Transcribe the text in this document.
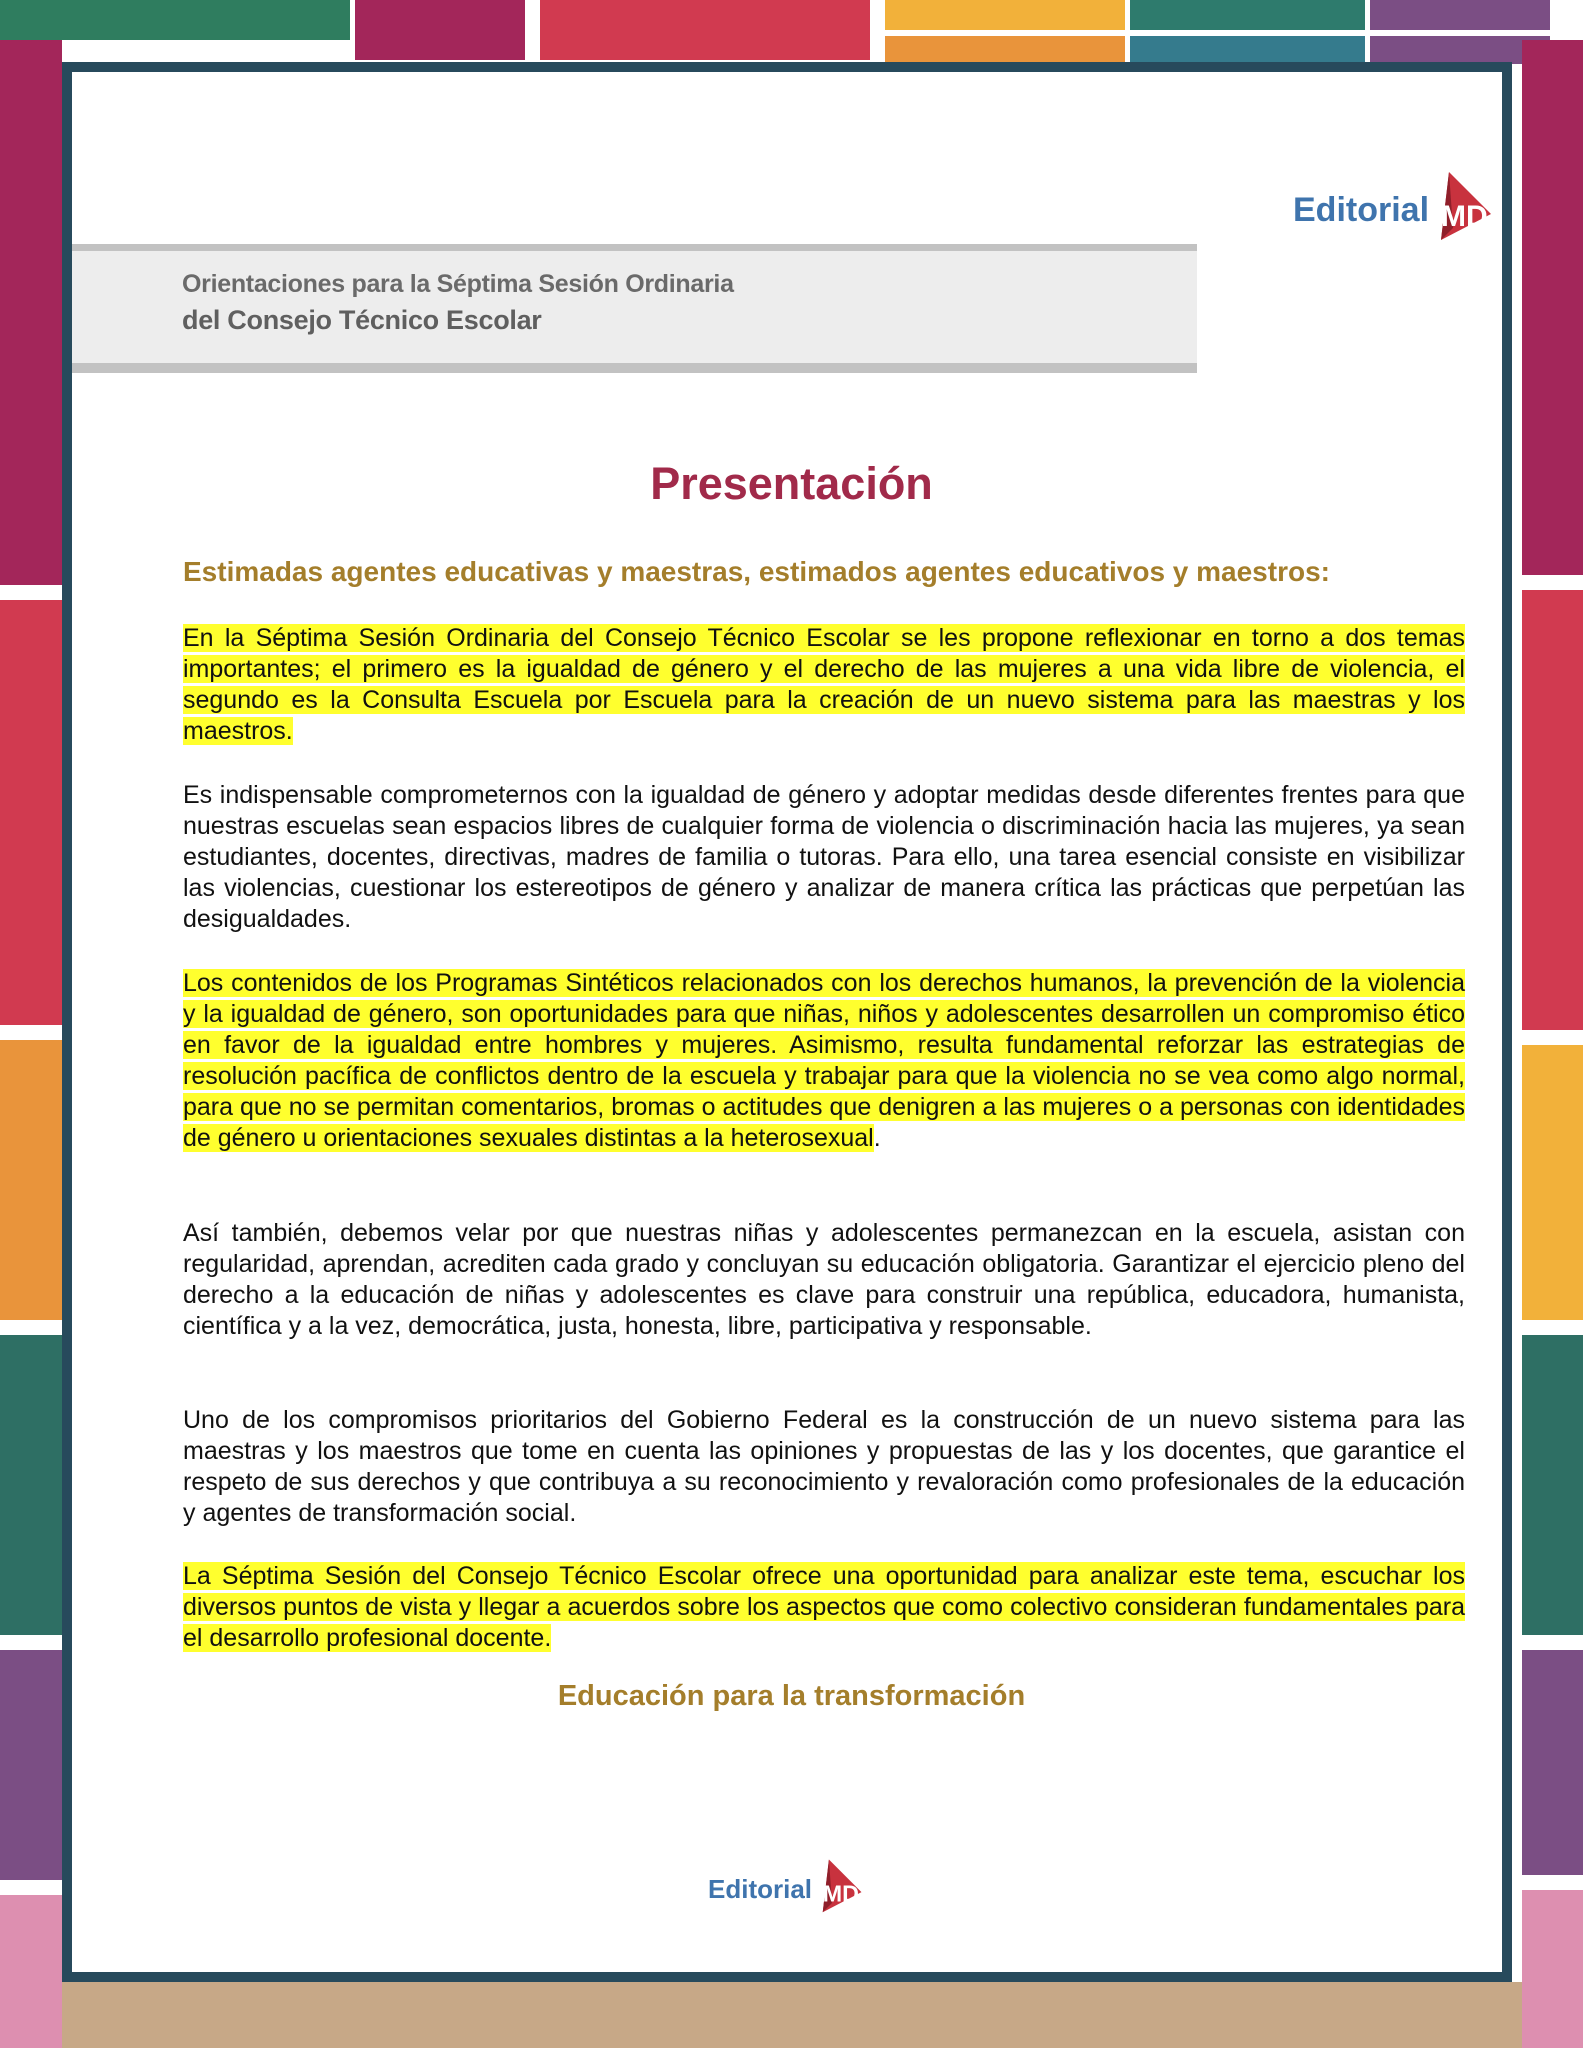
Editorial MD
Orientaciones para la Séptima Sesión Ordinaria
del Consejo Técnico Escolar
Presentación

Estimadas agentes educativas y maestras, estimados agentes educativos y maestros:

En la Séptima Sesión Ordinaria del Consejo Técnico Escolar se les propone reflexionar en torno a dos temas importantes; el primero es la igualdad de género y el derecho de las mujeres a una vida libre de violencia, el segundo es la Consulta Escuela por Escuela para la creación de un nuevo sistema para las maestras y los maestros.

Es indispensable comprometernos con la igualdad de género y adoptar medidas desde diferentes frentes para que nuestras escuelas sean espacios libres de cualquier forma de violencia o discriminación hacia las mujeres, ya sean estudiantes, docentes, directivas, madres de familia o tutoras. Para ello, una tarea esencial consiste en visibilizar las violencias, cuestionar los estereotipos de género y analizar de manera crítica las prácticas que perpetúan las desigualdades.

Los contenidos de los Programas Sintéticos relacionados con los derechos humanos, la prevención de la violencia y la igualdad de género, son oportunidades para que niñas, niños y adolescentes desarrollen un compromiso ético en favor de la igualdad entre hombres y mujeres. Asimismo, resulta fundamental reforzar las estrategias de resolución pacífica de conflictos dentro de la escuela y trabajar para que la violencia no se vea como algo normal, para que no se permitan comentarios, bromas o actitudes que denigren a las mujeres o a personas con identidades de género u orientaciones sexuales distintas a la heterosexual.

Así también, debemos velar por que nuestras niñas y adolescentes permanezcan en la escuela, asistan con regularidad, aprendan, acrediten cada grado y concluyan su educación obligatoria. Garantizar el ejercicio pleno del derecho a la educación de niñas y adolescentes es clave para construir una república, educadora, humanista, científica y a la vez, democrática, justa, honesta, libre, participativa y responsable.

Uno de los compromisos prioritarios del Gobierno Federal es la construcción de un nuevo sistema para las maestras y los maestros que tome en cuenta las opiniones y propuestas de las y los docentes, que garantice el respeto de sus derechos y que contribuya a su reconocimiento y revaloración como profesionales de la educación y agentes de transformación social.

La Séptima Sesión del Consejo Técnico Escolar ofrece una oportunidad para analizar este tema, escuchar los diversos puntos de vista y llegar a acuerdos sobre los aspectos que como colectivo consideran fundamentales para el desarrollo profesional docente.

Educación para la transformación

Editorial MD
